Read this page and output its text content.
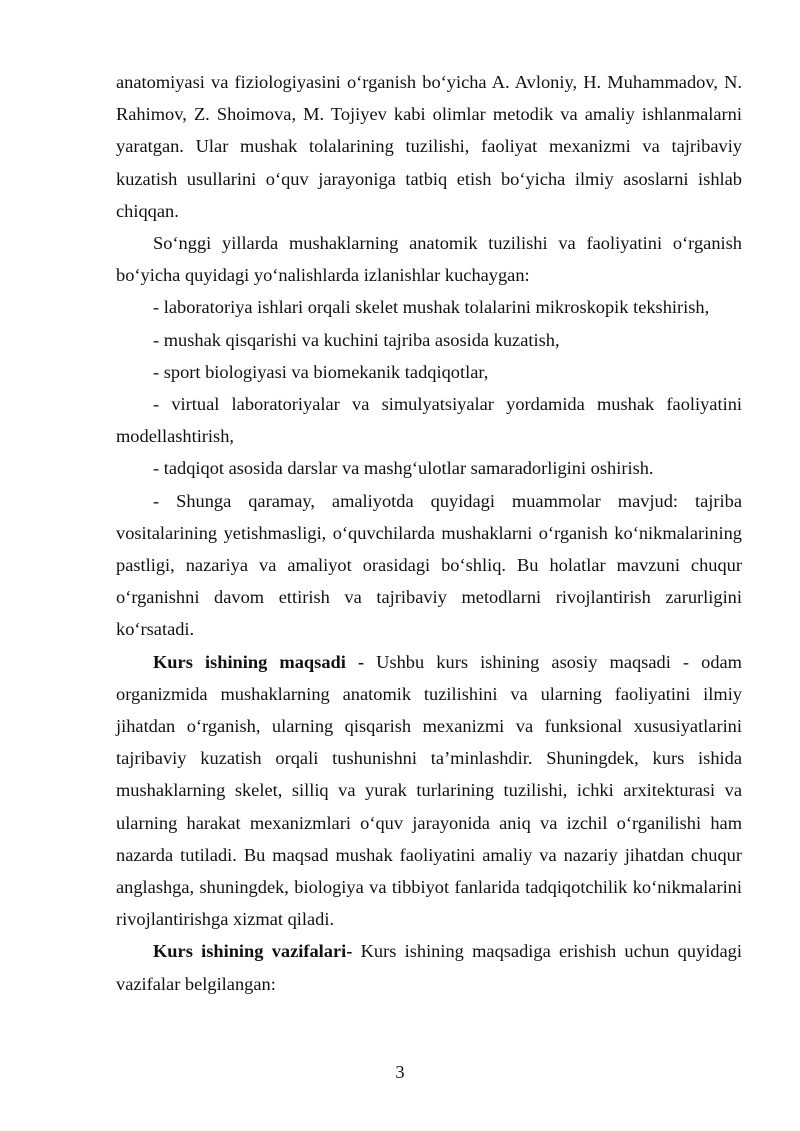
anatomiyasi va fiziologiyasini o‘rganish bo‘yicha A. Avloniy, H. Muhammadov, N. Rahimov, Z. Shoimova, M. Tojiyev kabi olimlar metodik va amaliy ishlanmalarni yaratgan. Ular mushak tolalarining tuzilishi, faoliyat mexanizmi va tajribaviy kuzatish usullarini o‘quv jarayoniga tatbiq etish bo‘yicha ilmiy asoslarni ishlab chiqqan.

So‘nggi yillarda mushaklarning anatomik tuzilishi va faoliyatini o‘rganish bo‘yicha quyidagi yo‘nalishlarda izlanishlar kuchaygan:

- laboratoriya ishlari orqali skelet mushak tolalarini mikroskopik tekshirish,

- mushak qisqarishi va kuchini tajriba asosida kuzatish,

- sport biologiyasi va biomekanik tadqiqotlar,

- virtual laboratoriyalar va simulyatsiyalar yordamida mushak faoliyatini modellashtirish,

- tadqiqot asosida darslar va mashg‘ulotlar samaradorligini oshirish.

- Shunga qaramay, amaliyotda quyidagi muammolar mavjud: tajriba vositalarining yetishmasligi, o‘quvchilarda mushaklarni o‘rganish ko‘nikmalarining pastligi, nazariya va amaliyot orasidagi bo‘shliq. Bu holatlar mavzuni chuqur o‘rganishni davom ettirish va tajribaviy metodlarni rivojlantirish zarurligini ko‘rsatadi.

Kurs ishining maqsadi - Ushbu kurs ishining asosiy maqsadi - odam organizmida mushaklarning anatomik tuzilishini va ularning faoliyatini ilmiy jihatdan o‘rganish, ularning qisqarish mexanizmi va funksional xususiyatlarini tajribaviy kuzatish orqali tushunishni ta’minlashdir. Shuningdek, kurs ishida mushaklarning skelet, silliq va yurak turlarining tuzilishi, ichki arxitekturasi va ularning harakat mexanizmlari o‘quv jarayonida aniq va izchil o‘rganilishi ham nazarda tutiladi. Bu maqsad mushak faoliyatini amaliy va nazariy jihatdan chuqur anglashga, shuningdek, biologiya va tibbiyot fanlarida tadqiqotchilik ko‘nikmalarini rivojlantirishga xizmat qiladi.

Kurs ishining vazifalari- Kurs ishining maqsadiga erishish uchun quyidagi vazifalar belgilangan:

3
